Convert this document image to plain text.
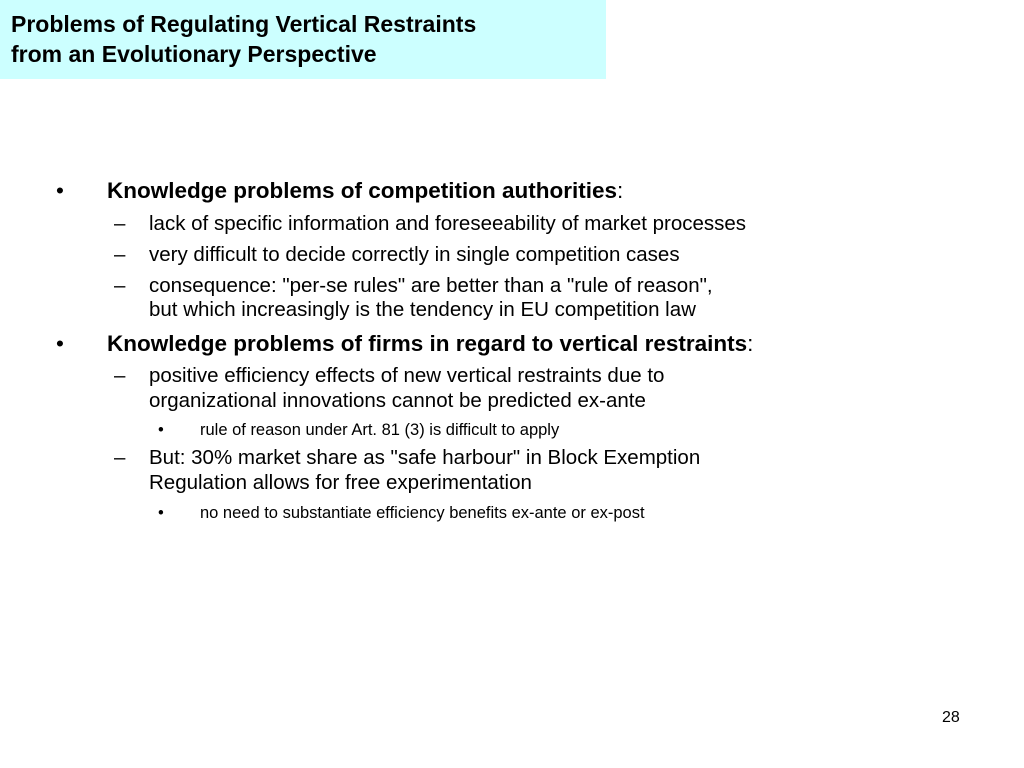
Problems of Regulating Vertical Restraints
from an Evolutionary Perspective
• Knowledge problems of competition authorities:
– lack of specific information and foreseeability of market processes
– very difficult to decide correctly in single competition cases
– consequence: "per-se rules" are better than a "rule of reason",
but which increasingly is the tendency in EU competition law
• Knowledge problems of firms in regard to vertical restraints:
– positive efficiency effects of new vertical restraints due to
organizational innovations cannot be predicted ex-ante
• rule of reason under Art. 81 (3) is difficult to apply
– But: 30% market share as "safe harbour" in Block Exemption
Regulation allows for free experimentation
• no need to substantiate efficiency benefits ex-ante or ex-post
28
